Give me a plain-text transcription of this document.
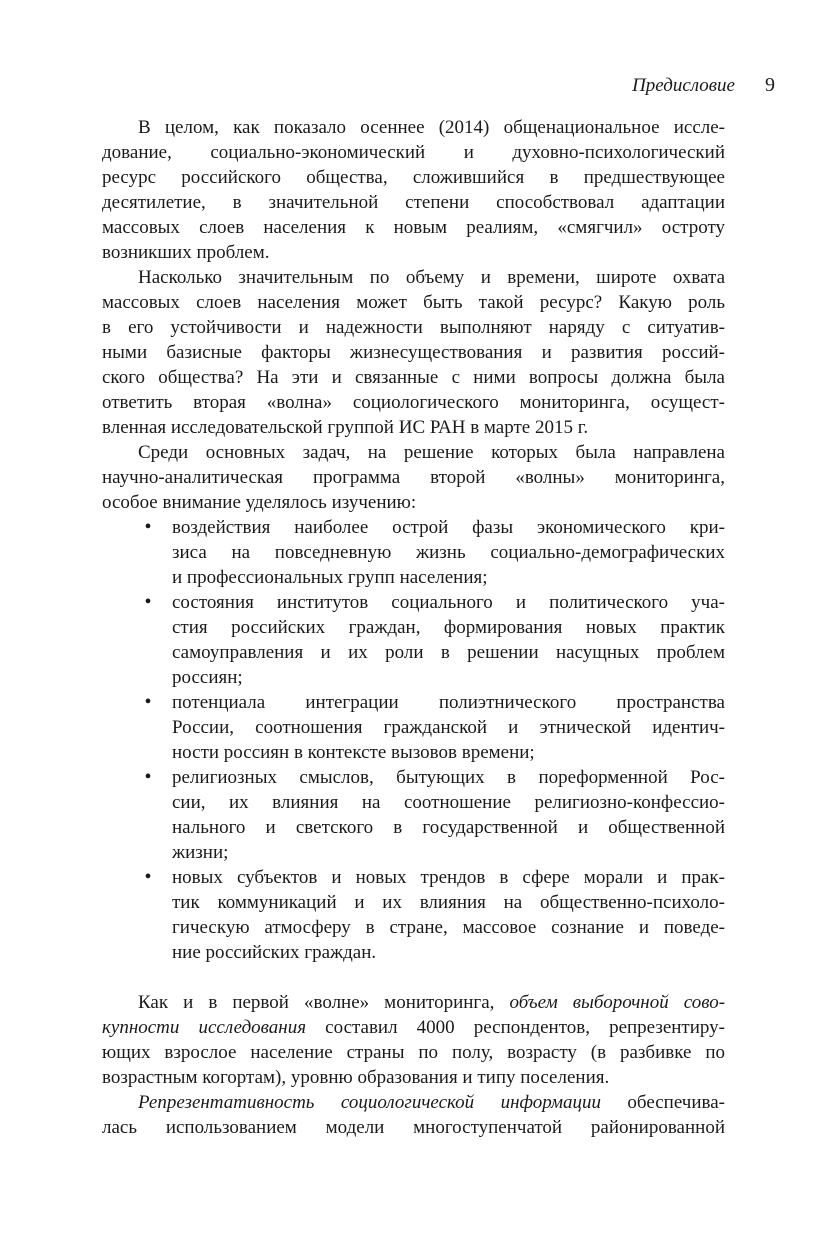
Предисловие 9
В целом, как показало осеннее (2014) общенациональное иссле-
дование, социально-экономический и духовно-психологический
ресурс российского общества, сложившийся в предшествующее
десятилетие, в значительной степени способствовал адаптации
массовых слоев населения к новым реалиям, «смягчил» остроту
возникших проблем.
Насколько значительным по объему и времени, широте охвата
массовых слоев населения может быть такой ресурс? Какую роль
в его устойчивости и надежности выполняют наряду с ситуатив-
ными базисные факторы жизнесуществования и развития россий-
ского общества? На эти и связанные с ними вопросы должна была
ответить вторая «волна» социологического мониторинга, осущест-
вленная исследовательской группой ИС РАН в марте 2015 г.
Среди основных задач, на решение которых была направлена
научно-аналитическая программа второй «волны» мониторинга,
особое внимание уделялось изучению:
•	воздействия наиболее острой фазы экономического кри-
зиса на повседневную жизнь социально-демографических
и профессиональных групп населения;
•	состояния институтов социального и политического уча-
стия российских граждан, формирования новых практик
самоуправления и их роли в решении насущных проблем
россиян;
•	потенциала интеграции полиэтнического пространства
России, соотношения гражданской и этнической идентич-
ности россиян в контексте вызовов времени;
•	религиозных смыслов, бытующих в пореформенной Рос-
сии, их влияния на соотношение религиозно-конфессио-
нального и светского в государственной и общественной
жизни;
•	новых субъектов и новых трендов в сфере морали и прак-
тик коммуникаций и их влияния на общественно-психоло-
гическую атмосферу в стране, массовое сознание и поведе-
ние российских граждан.
Как и в первой «волне» мониторинга, объем выборочной сово-
купности исследования составил 4000 респондентов, репрезентиру-
ющих взрослое население страны по полу, возрасту (в разбивке по
возрастным когортам), уровню образования и типу поселения.
Репрезентативность социологической информации обеспечива-
лась использованием модели многоступенчатой районированной
